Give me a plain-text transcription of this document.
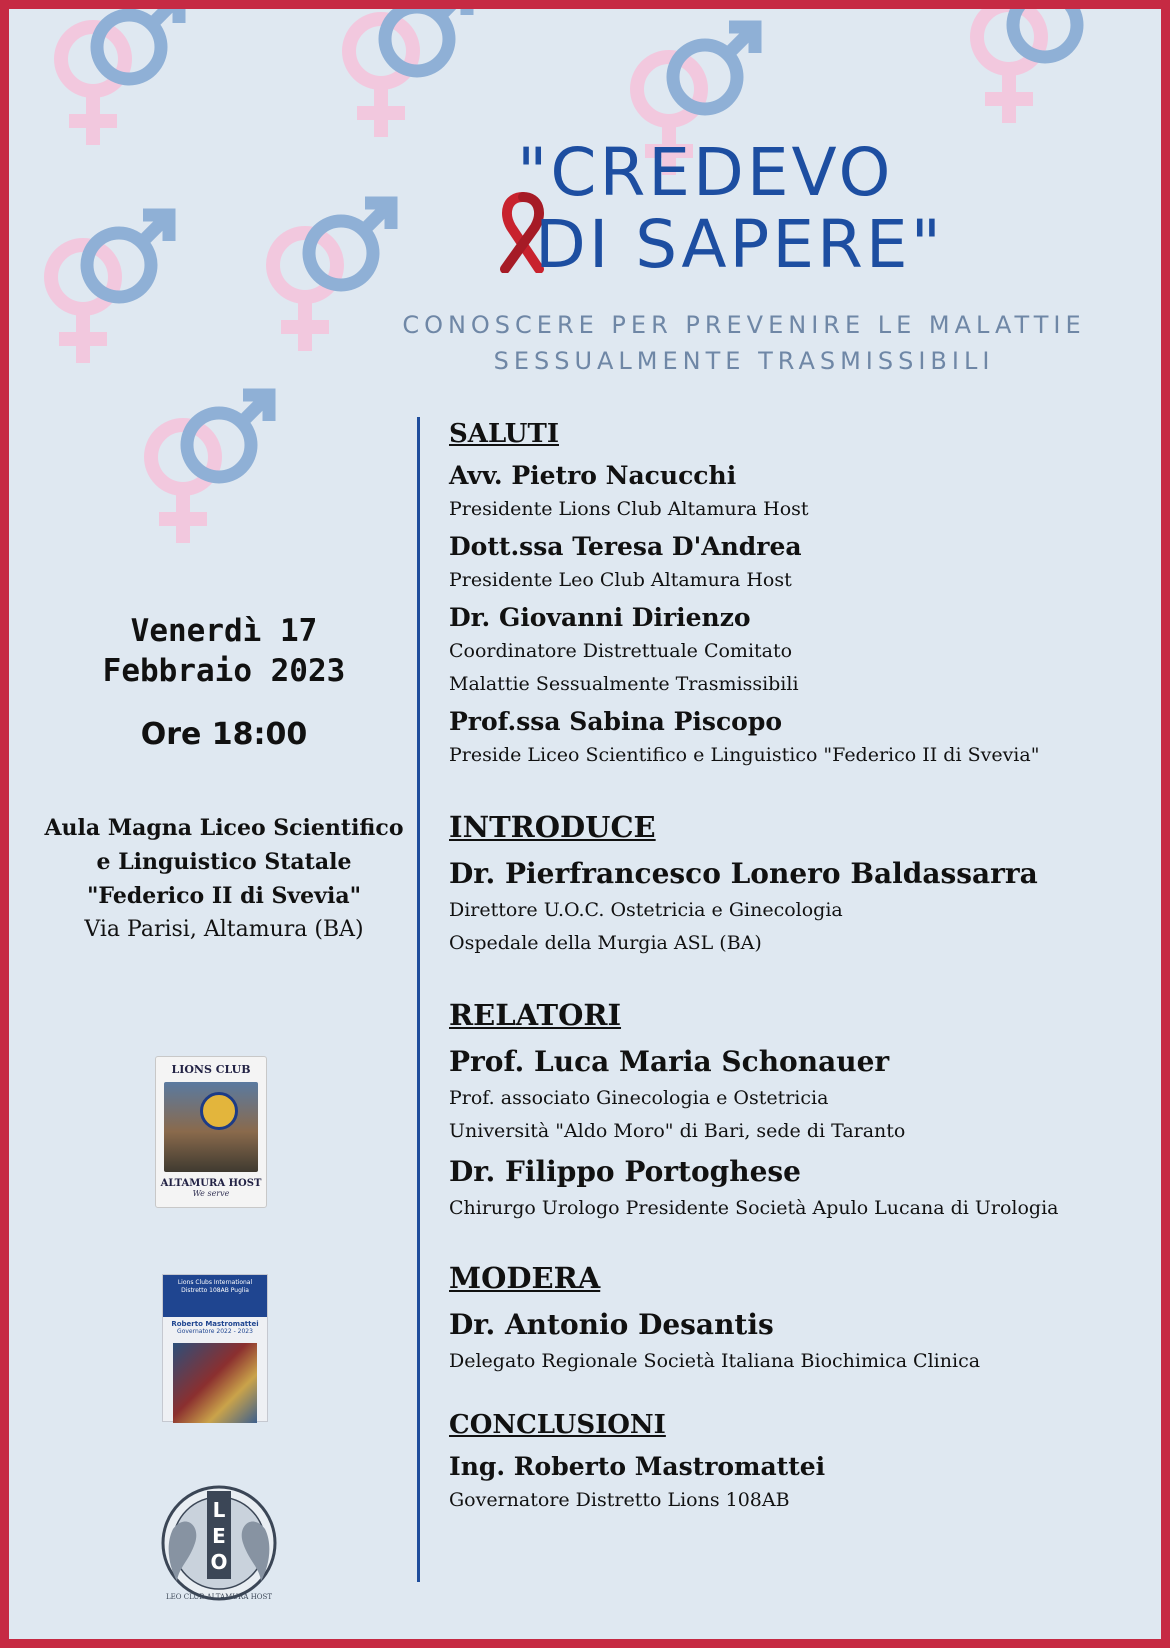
"CREDEVO
DI SAPERE"
CONOSCERE PER PREVENIRE LE MALATTIE
SESSUALMENTE TRASMISSIBILI
Venerdì 17
Febbraio 2023
Ore 18:00
Aula Magna Liceo Scientifico
e Linguistico Statale
"Federico II di Svevia"
Via Parisi, Altamura (BA)
LIONS CLUB
ALTAMURA HOST
We serve
Lions Clubs International
Distretto 108AB Puglia
Roberto Mastromattei
Governatore 2022 - 2023
L
E
O
LEO CLUB ALTAMURA HOST
SALUTI
Avv. Pietro Nacucchi
Presidente Lions Club Altamura Host
Dott.ssa Teresa D'Andrea
Presidente Leo Club Altamura Host
Dr. Giovanni Dirienzo
Coordinatore Distrettuale Comitato
Malattie Sessualmente Trasmissibili
Prof.ssa Sabina Piscopo
Preside Liceo Scientifico e Linguistico "Federico II di Svevia"
INTRODUCE
Dr. Pierfrancesco Lonero Baldassarra
Direttore U.O.C. Ostetricia e Ginecologia
Ospedale della Murgia ASL (BA)
RELATORI
Prof. Luca Maria Schonauer
Prof. associato Ginecologia e Ostetricia
Università "Aldo Moro" di Bari, sede di Taranto
Dr. Filippo Portoghese
Chirurgo Urologo Presidente Società Apulo Lucana di Urologia
MODERA
Dr. Antonio Desantis
Delegato Regionale Società Italiana Biochimica Clinica
CONCLUSIONI
Ing. Roberto Mastromattei
Governatore Distretto Lions 108AB
